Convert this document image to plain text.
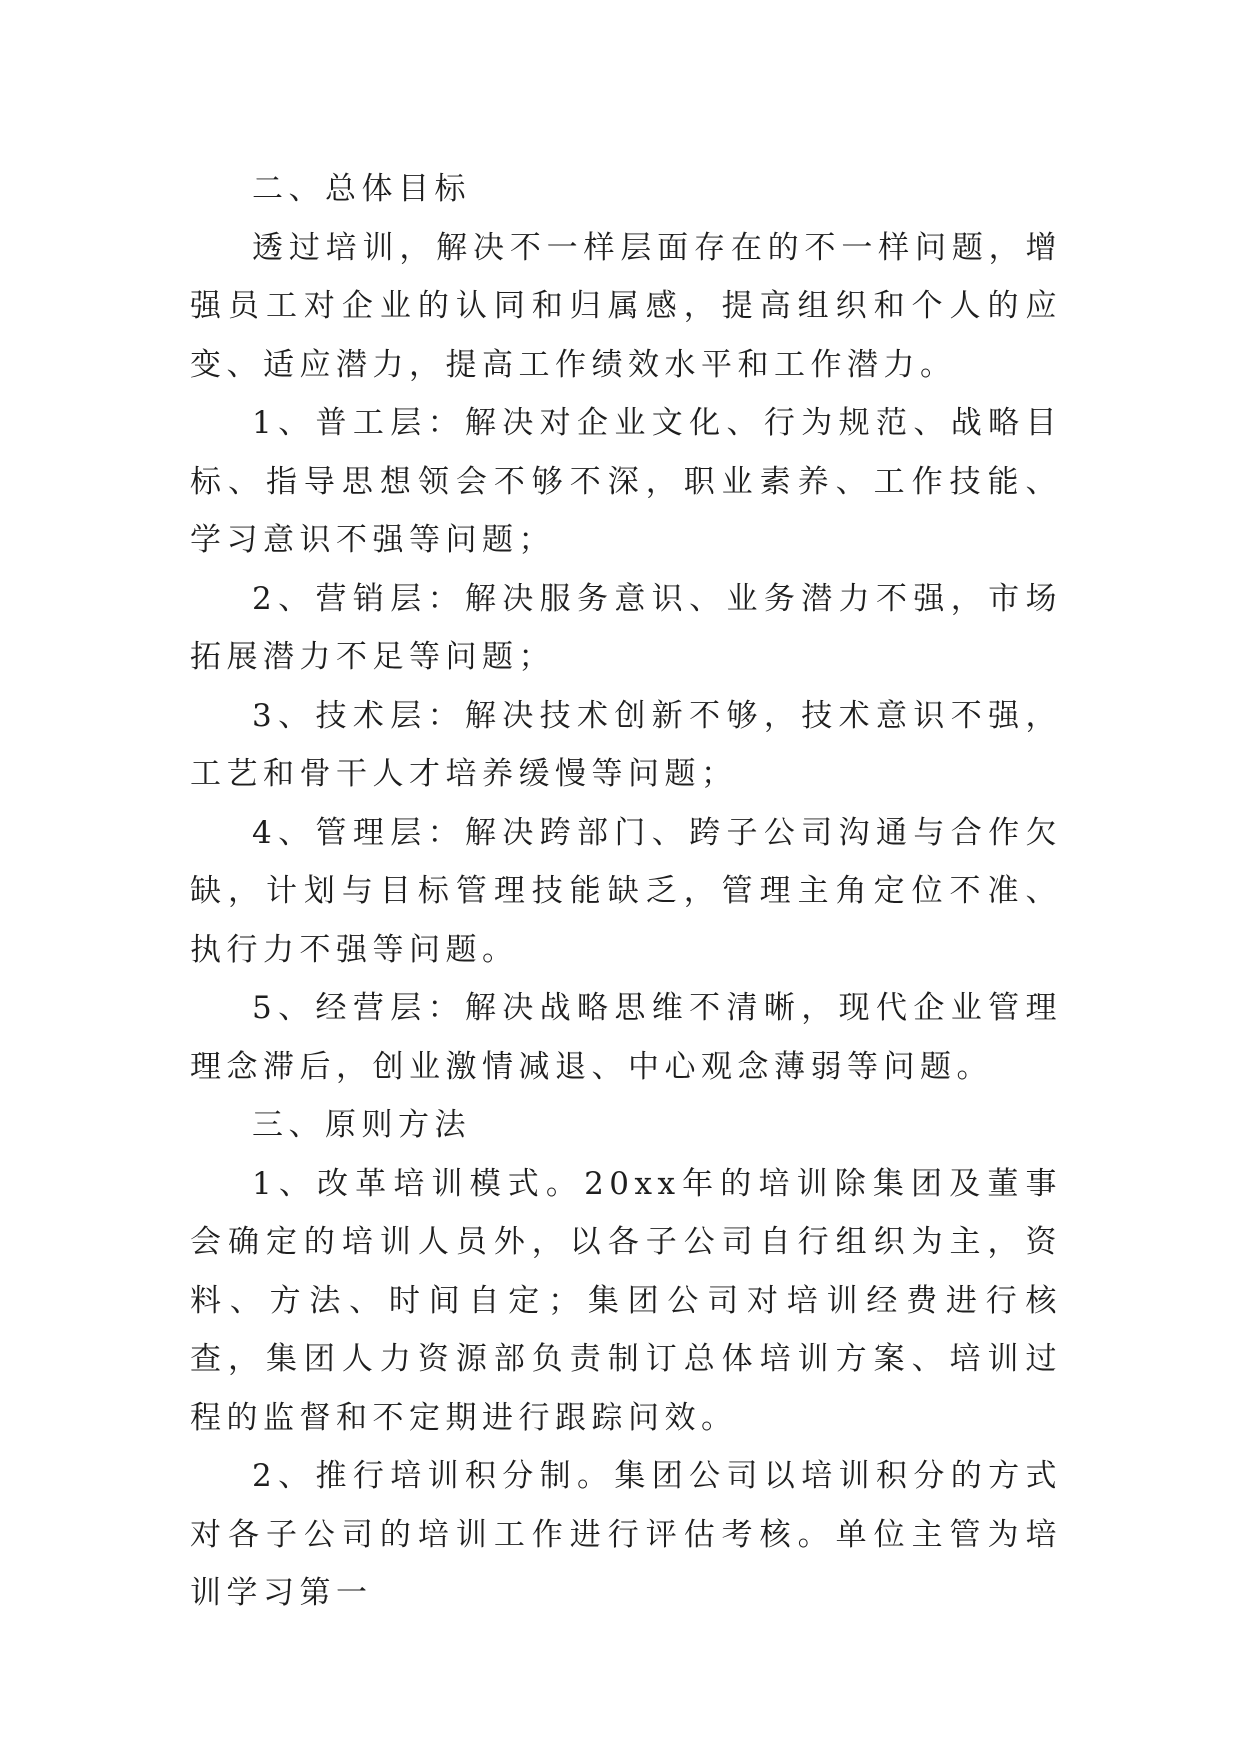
二、总体目标

透过培训，解决不一样层面存在的不一样问题，增强员工对企业的认同和归属感，提高组织和个人的应变、适应潜力，提高工作绩效水平和工作潜力。

1、普工层：解决对企业文化、行为规范、战略目标、指导思想领会不够不深，职业素养、工作技能、学习意识不强等问题；

2、营销层：解决服务意识、业务潜力不强，市场拓展潜力不足等问题；

3、技术层：解决技术创新不够，技术意识不强，工艺和骨干人才培养缓慢等问题；

4、管理层：解决跨部门、跨子公司沟通与合作欠缺，计划与目标管理技能缺乏，管理主角定位不准、执行力不强等问题。

5、经营层：解决战略思维不清晰，现代企业管理理念滞后，创业激情减退、中心观念薄弱等问题。

三、原则方法

1、改革培训模式。20xx年的培训除集团及董事会确定的培训人员外，以各子公司自行组织为主，资料、方法、时间自定；集团公司对培训经费进行核查，集团人力资源部负责制订总体培训方案、培训过程的监督和不定期进行跟踪问效。

2、推行培训积分制。集团公司以培训积分的方式对各子公司的培训工作进行评估考核。单位主管为培训学习第一
